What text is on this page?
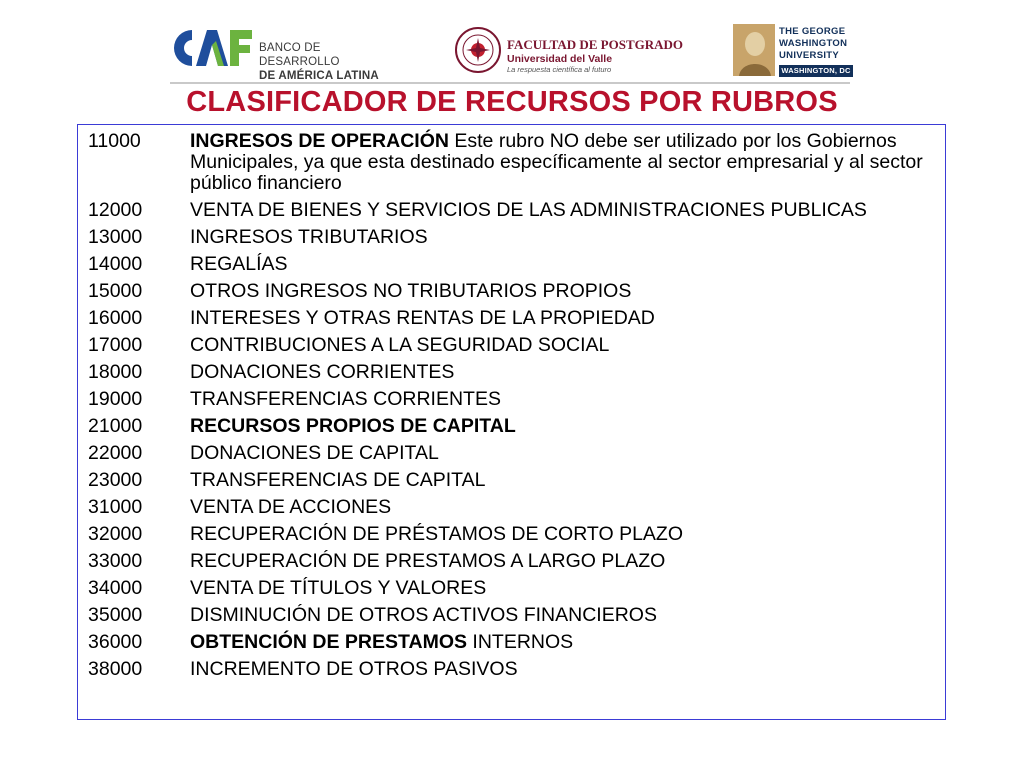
BANCO DE DESARROLLO
DE AMÉRICA LATINA
FACULTAD DE POSTGRADO
Universidad del Valle
La respuesta científica al futuro
THE GEORGE
WASHINGTON
UNIVERSITY
WASHINGTON, DC
CLASIFICADOR DE RECURSOS POR RUBROS
11000	INGRESOS DE OPERACIÓN Este rubro NO debe ser utilizado por los Gobiernos Municipales, ya que esta destinado específicamente al sector empresarial y al sector público financiero
12000	VENTA DE BIENES Y SERVICIOS DE LAS ADMINISTRACIONES PUBLICAS
13000	INGRESOS TRIBUTARIOS
14000	REGALÍAS
15000	OTROS INGRESOS NO TRIBUTARIOS PROPIOS
16000	INTERESES Y OTRAS RENTAS DE LA PROPIEDAD
17000	CONTRIBUCIONES A LA SEGURIDAD SOCIAL
18000	DONACIONES CORRIENTES
19000	TRANSFERENCIAS CORRIENTES
21000	RECURSOS PROPIOS DE CAPITAL
22000	DONACIONES DE CAPITAL
23000	TRANSFERENCIAS DE CAPITAL
31000	VENTA DE ACCIONES
32000	RECUPERACIÓN DE PRÉSTAMOS DE CORTO PLAZO
33000	RECUPERACIÓN DE PRESTAMOS A LARGO PLAZO
34000	VENTA DE TÍTULOS Y VALORES
35000	DISMINUCIÓN DE OTROS ACTIVOS FINANCIEROS
36000	OBTENCIÓN DE PRESTAMOS INTERNOS
38000	INCREMENTO DE OTROS PASIVOS
